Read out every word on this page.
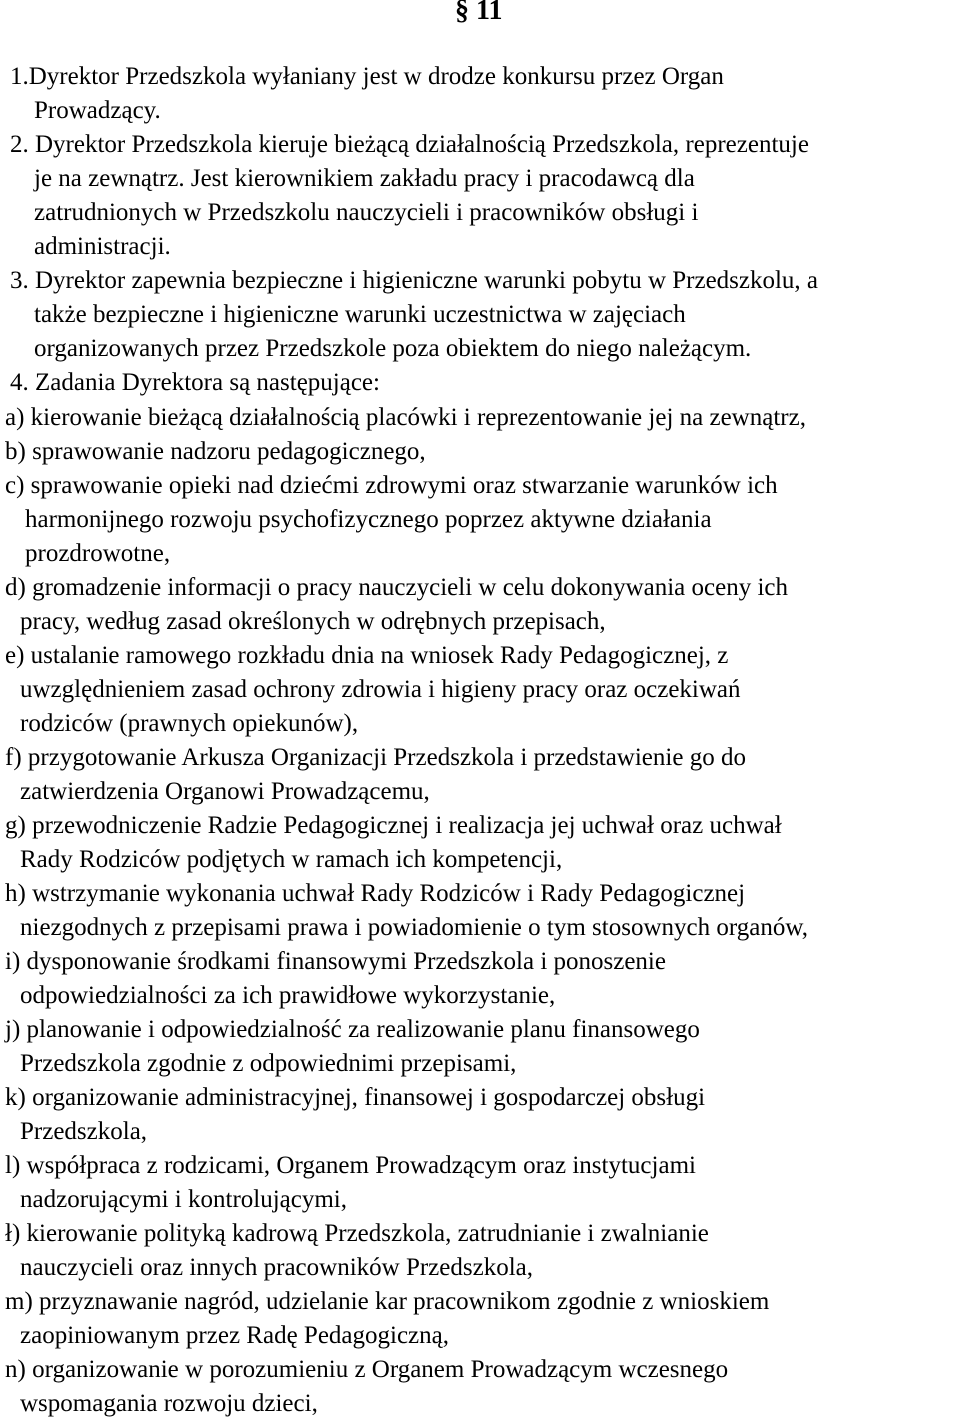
§ 11

1.Dyrektor Przedszkola wyłaniany jest w drodze konkursu przez Organ

Prowadzący.

2. Dyrektor Przedszkola kieruje bieżącą działalnością Przedszkola, reprezentuje

je na zewnątrz. Jest kierownikiem zakładu pracy i pracodawcą dla

zatrudnionych w Przedszkolu nauczycieli i pracowników obsługi i

administracji.

3. Dyrektor zapewnia bezpieczne i higieniczne warunki pobytu w Przedszkolu, a

także bezpieczne i higieniczne warunki uczestnictwa w zajęciach

organizowanych przez Przedszkole poza obiektem do niego należącym.

4. Zadania Dyrektora są następujące:

a) kierowanie bieżącą działalnością placówki i reprezentowanie jej na zewnątrz,

b) sprawowanie nadzoru pedagogicznego,

c) sprawowanie opieki nad dziećmi zdrowymi oraz stwarzanie warunków ich

harmonijnego rozwoju psychofizycznego poprzez aktywne działania

prozdrowotne,

d) gromadzenie informacji o pracy nauczycieli w celu dokonywania oceny ich

pracy, według zasad określonych w odrębnych przepisach,

e) ustalanie ramowego rozkładu dnia na wniosek Rady Pedagogicznej, z

uwzględnieniem zasad ochrony zdrowia i higieny pracy oraz oczekiwań

rodziców (prawnych opiekunów),

f) przygotowanie Arkusza Organizacji Przedszkola i przedstawienie go do

zatwierdzenia Organowi Prowadzącemu,

g) przewodniczenie Radzie Pedagogicznej i realizacja jej uchwał oraz uchwał

Rady Rodziców podjętych w ramach ich kompetencji,

h) wstrzymanie wykonania uchwał Rady Rodziców i Rady Pedagogicznej

niezgodnych z przepisami prawa i powiadomienie o tym stosownych organów,

i) dysponowanie środkami finansowymi Przedszkola i ponoszenie

odpowiedzialności za ich prawidłowe wykorzystanie,

j) planowanie i odpowiedzialność za realizowanie planu finansowego

Przedszkola zgodnie z odpowiednimi przepisami,

k) organizowanie administracyjnej, finansowej i gospodarczej obsługi

Przedszkola,

l) współpraca z rodzicami, Organem Prowadzącym oraz instytucjami

nadzorującymi i kontrolującymi,

ł) kierowanie polityką kadrową Przedszkola, zatrudnianie i zwalnianie

nauczycieli oraz innych pracowników Przedszkola,

m) przyznawanie nagród, udzielanie kar pracownikom zgodnie z wnioskiem

zaopiniowanym przez Radę Pedagogiczną,

n) organizowanie w porozumieniu z Organem Prowadzącym wczesnego

wspomagania rozwoju dzieci,
